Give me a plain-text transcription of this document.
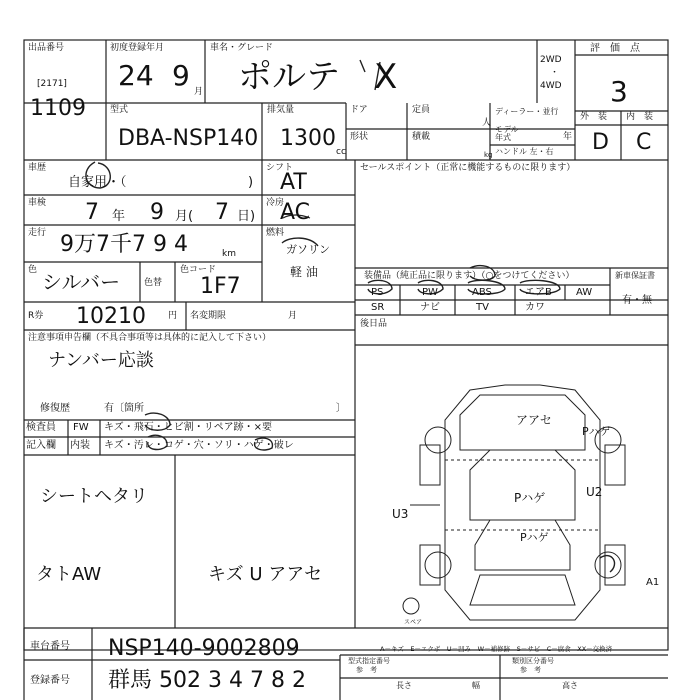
出品番号
[2171]
1109
初度登録年月
24 9 月
車名・グレード
ポルテ　X	2WD
・
4WD
評　価　点
3
型式
DBA-NSP140
排気量
1300
cc
ドア	定員
人
ディーラー・並行
モデル年式	年
形状	積載
kg ハンドル 左・右
外　装 内　装
D C
車歴
自家用・（	)
車検 7 年 9 月( 7 日)
走行 9万7千7 9 4	km
色 シルバー	色替
色コード
1F7
シフト
AT
冷房
AC
燃料
ガソリン
軽 油
R券 10210 円 名変期限	月
セールスポイント（正常に機能するものに限ります）
装備品（純正品に限ります）（○をつけてください）	新車保証書
PS	PW	ABS	エアB AW
SR	ナビ	TV	カワ
有・無
後日品
注意事項申告欄（不具合事項等は具体的に記入して下さい）
ナンバー応談
修復歴	有〔箇所	〕
検査員
記入欄
FW キズ・飛石・ヒビ割・リペア跡・×要
内装 キズ・汚レ・コゲ・穴・ソリ・ハゲ・破レ
シートヘタリ
タトAW	キズ U アアセ
アアセ
Pハゲ
Pハゲ
Pハゲ
U3
U2
A1
スペア
A－キズ　E－エクボ　U－凹み　W－補修跡　S－サビ　C－腐食　XX－交換済
車台番号 NSP140-9002809
登録番号 群馬 502 3 4 7 8 2
型式指定番号
参　考
類別区分番号
参　考
長さ	幅	高さ
